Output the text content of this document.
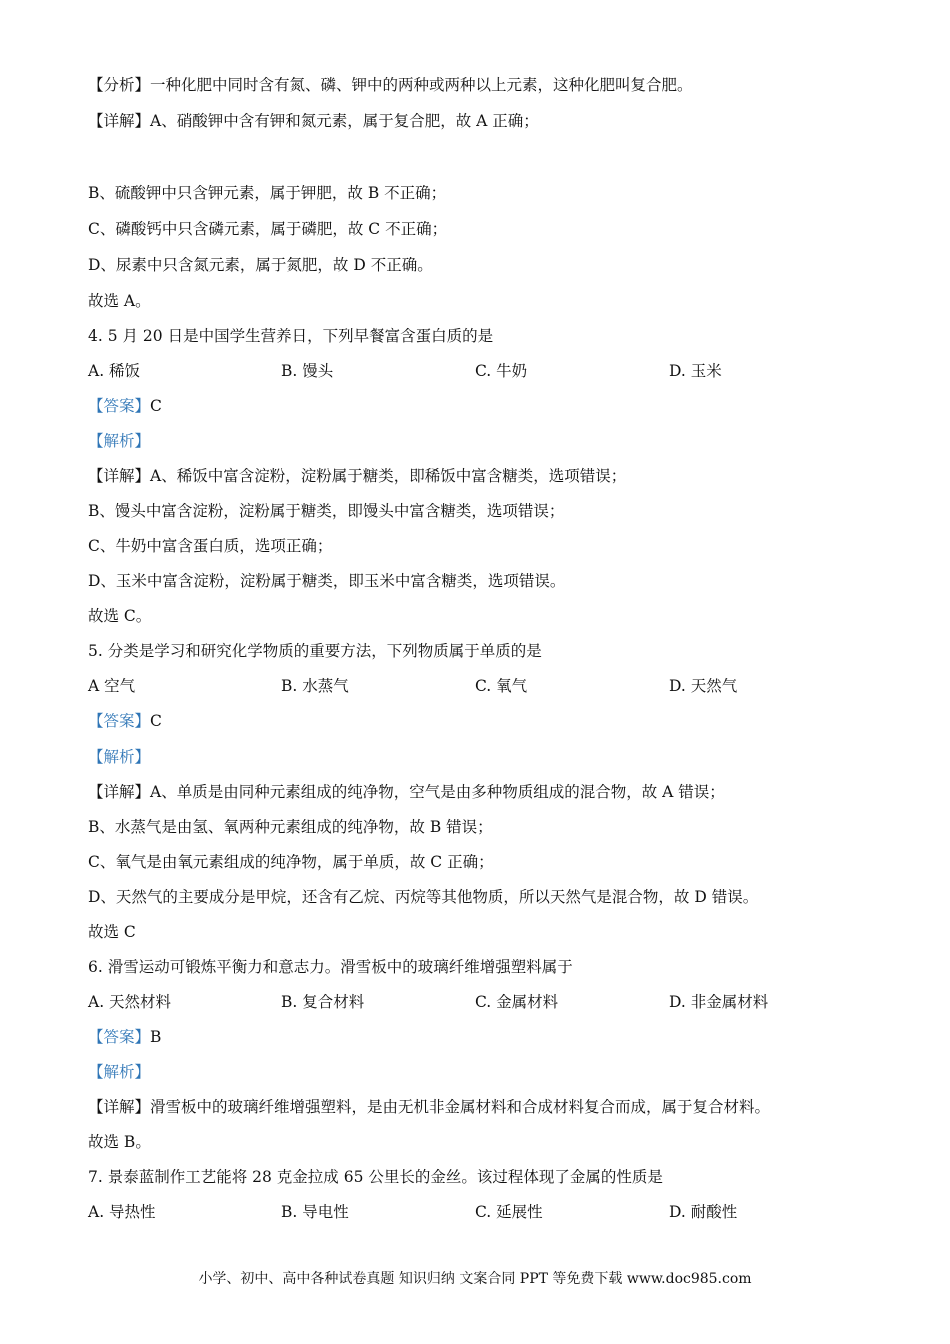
【分析】一种化肥中同时含有氮、磷、钾中的两种或两种以上元素，这种化肥叫复合肥。
【详解】A、硝酸钾中含有钾和氮元素，属于复合肥，故 A 正确；
B、硫酸钾中只含钾元素，属于钾肥，故 B 不正确；
C、磷酸钙中只含磷元素，属于磷肥，故 C 不正确；
D、尿素中只含氮元素，属于氮肥，故 D 不正确。
故选 A。
4. 5 月 20 日是中国学生营养日，下列早餐富含蛋白质的是
A. 稀饭	B. 馒头	C. 牛奶	D. 玉米
【答案】C
【解析】
【详解】A、稀饭中富含淀粉，淀粉属于糖类，即稀饭中富含糖类，选项错误；
B、馒头中富含淀粉，淀粉属于糖类，即馒头中富含糖类，选项错误；
C、牛奶中富含蛋白质，选项正确；
D、玉米中富含淀粉，淀粉属于糖类，即玉米中富含糖类，选项错误。
故选 C。
5. 分类是学习和研究化学物质的重要方法，下列物质属于单质的是
A 空气	B. 水蒸气	C. 氧气	D. 天然气
【答案】C
【解析】
【详解】A、单质是由同种元素组成的纯净物，空气是由多种物质组成的混合物，故 A 错误；
B、水蒸气是由氢、氧两种元素组成的纯净物，故 B 错误；
C、氧气是由氧元素组成的纯净物，属于单质，故 C 正确；
D、天然气的主要成分是甲烷，还含有乙烷、丙烷等其他物质，所以天然气是混合物，故 D 错误。
故选 C
6. 滑雪运动可锻炼平衡力和意志力。滑雪板中的玻璃纤维增强塑料属于
A. 天然材料	B. 复合材料	C. 金属材料	D. 非金属材料
【答案】B
【解析】
【详解】滑雪板中的玻璃纤维增强塑料，是由无机非金属材料和合成材料复合而成，属于复合材料。
故选 B。
7. 景泰蓝制作工艺能将 28 克金拉成 65 公里长的金丝。该过程体现了金属的性质是
A. 导热性	B. 导电性	C. 延展性	D. 耐酸性
小学、初中、高中各种试卷真题 知识归纳 文案合同 PPT 等免费下载 www.doc985.com
